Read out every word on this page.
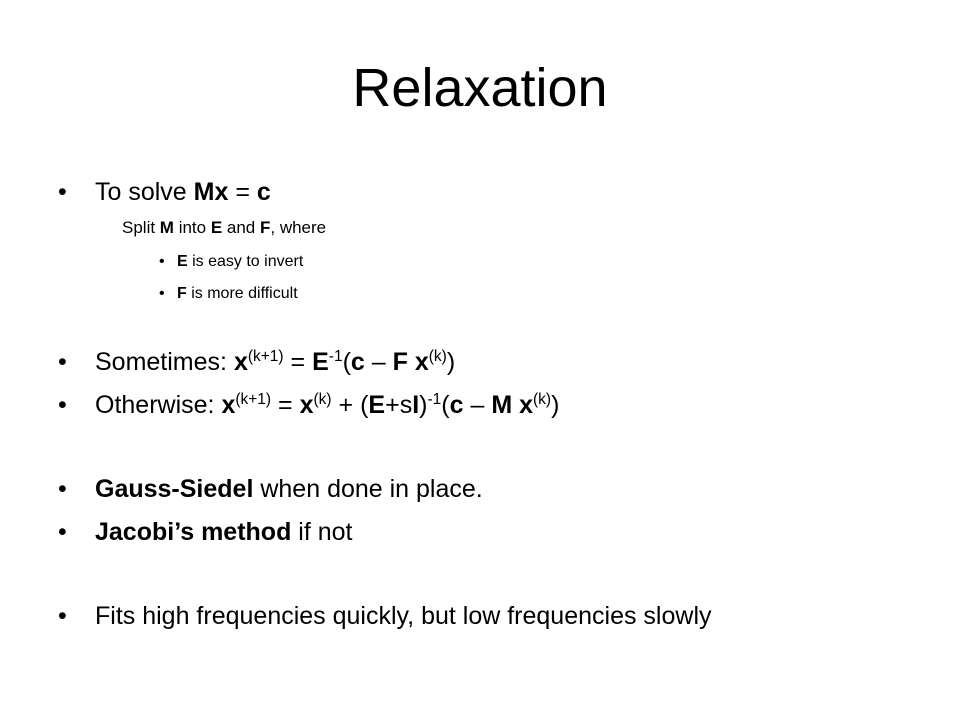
Relaxation
• To solve Mx = c
Split M into E and F, where
• E is easy to invert
• F is more difficult
• Sometimes: $x^{(k+1)} = E^{-1}(c - F$ $x^{(k)}$)
• Otherwise: $x^{(k+1)} = x^{(k)} + (E+sI)^{-1}(c - M$ $x^{(k)}$)
• Gauss-Siedel when done in place.
• Jacobi’s method if not
• Fits high frequencies quickly, but low frequencies slowly
